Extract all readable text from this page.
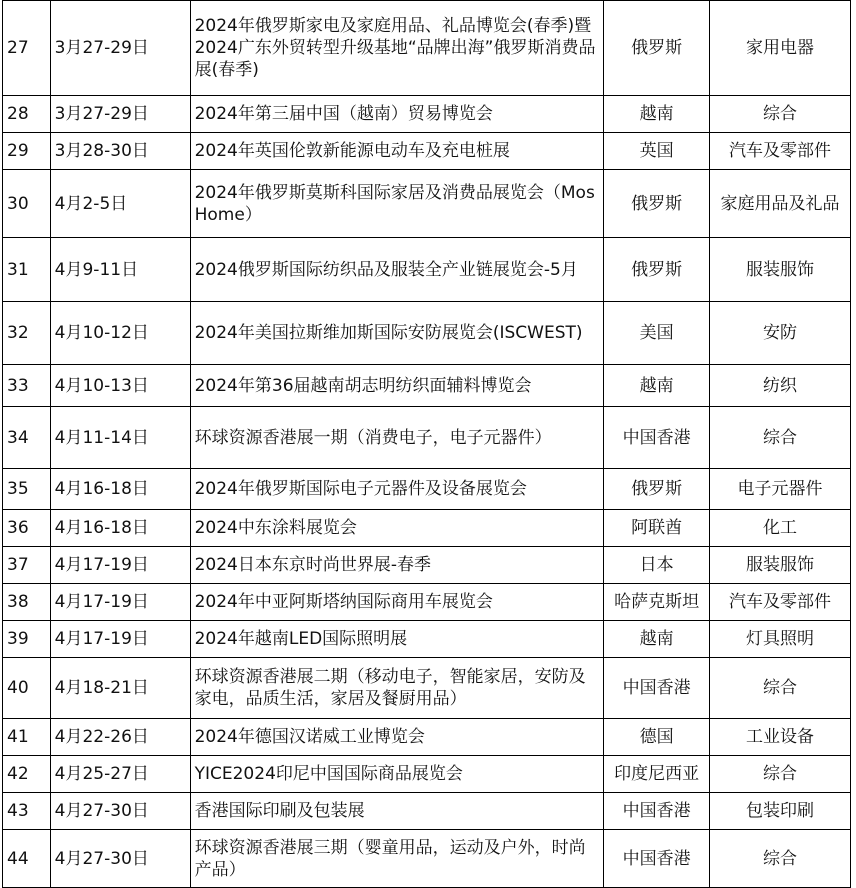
27	3月27-29日	2024年俄罗斯家电及家庭用品、礼品博览会(春季)暨2024广东外贸转型升级基地“品牌出海”俄罗斯消费品展(春季)	俄罗斯	家用电器
28	3月27-29日	2024年第三届中国（越南）贸易博览会	越南	综合
29	3月28-30日	2024年英国伦敦新能源电动车及充电桩展	英国	汽车及零部件
30	4月2-5日	2024年俄罗斯莫斯科国际家居及消费品展览会（MosHome）	俄罗斯	家庭用品及礼品
31	4月9-11日	2024俄罗斯国际纺织品及服装全产业链展览会-5月	俄罗斯	服装服饰
32	4月10-12日	2024年美国拉斯维加斯国际安防展览会(ISCWEST)	美国	安防
33	4月10-13日	2024年第36届越南胡志明纺织面辅料博览会	越南	纺织
34	4月11-14日	环球资源香港展一期（消费电子，电子元器件）	中国香港	综合
35	4月16-18日	2024年俄罗斯国际电子元器件及设备展览会	俄罗斯	电子元器件
36	4月16-18日	2024中东涂料展览会	阿联酋	化工
37	4月17-19日	2024日本东京时尚世界展-春季	日本	服装服饰
38	4月17-19日	2024年中亚阿斯塔纳国际商用车展览会	哈萨克斯坦	汽车及零部件
39	4月17-19日	2024年越南LED国际照明展	越南	灯具照明
40	4月18-21日	环球资源香港展二期（移动电子，智能家居，安防及家电，品质生活，家居及餐厨用品）	中国香港	综合
41	4月22-26日	2024年德国汉诺威工业博览会	德国	工业设备
42	4月25-27日	YICE2024印尼中国国际商品展览会	印度尼西亚	综合
43	4月27-30日	香港国际印刷及包装展	中国香港	包装印刷
44	4月27-30日	环球资源香港展三期（婴童用品，运动及户外，时尚产品）	中国香港	综合
